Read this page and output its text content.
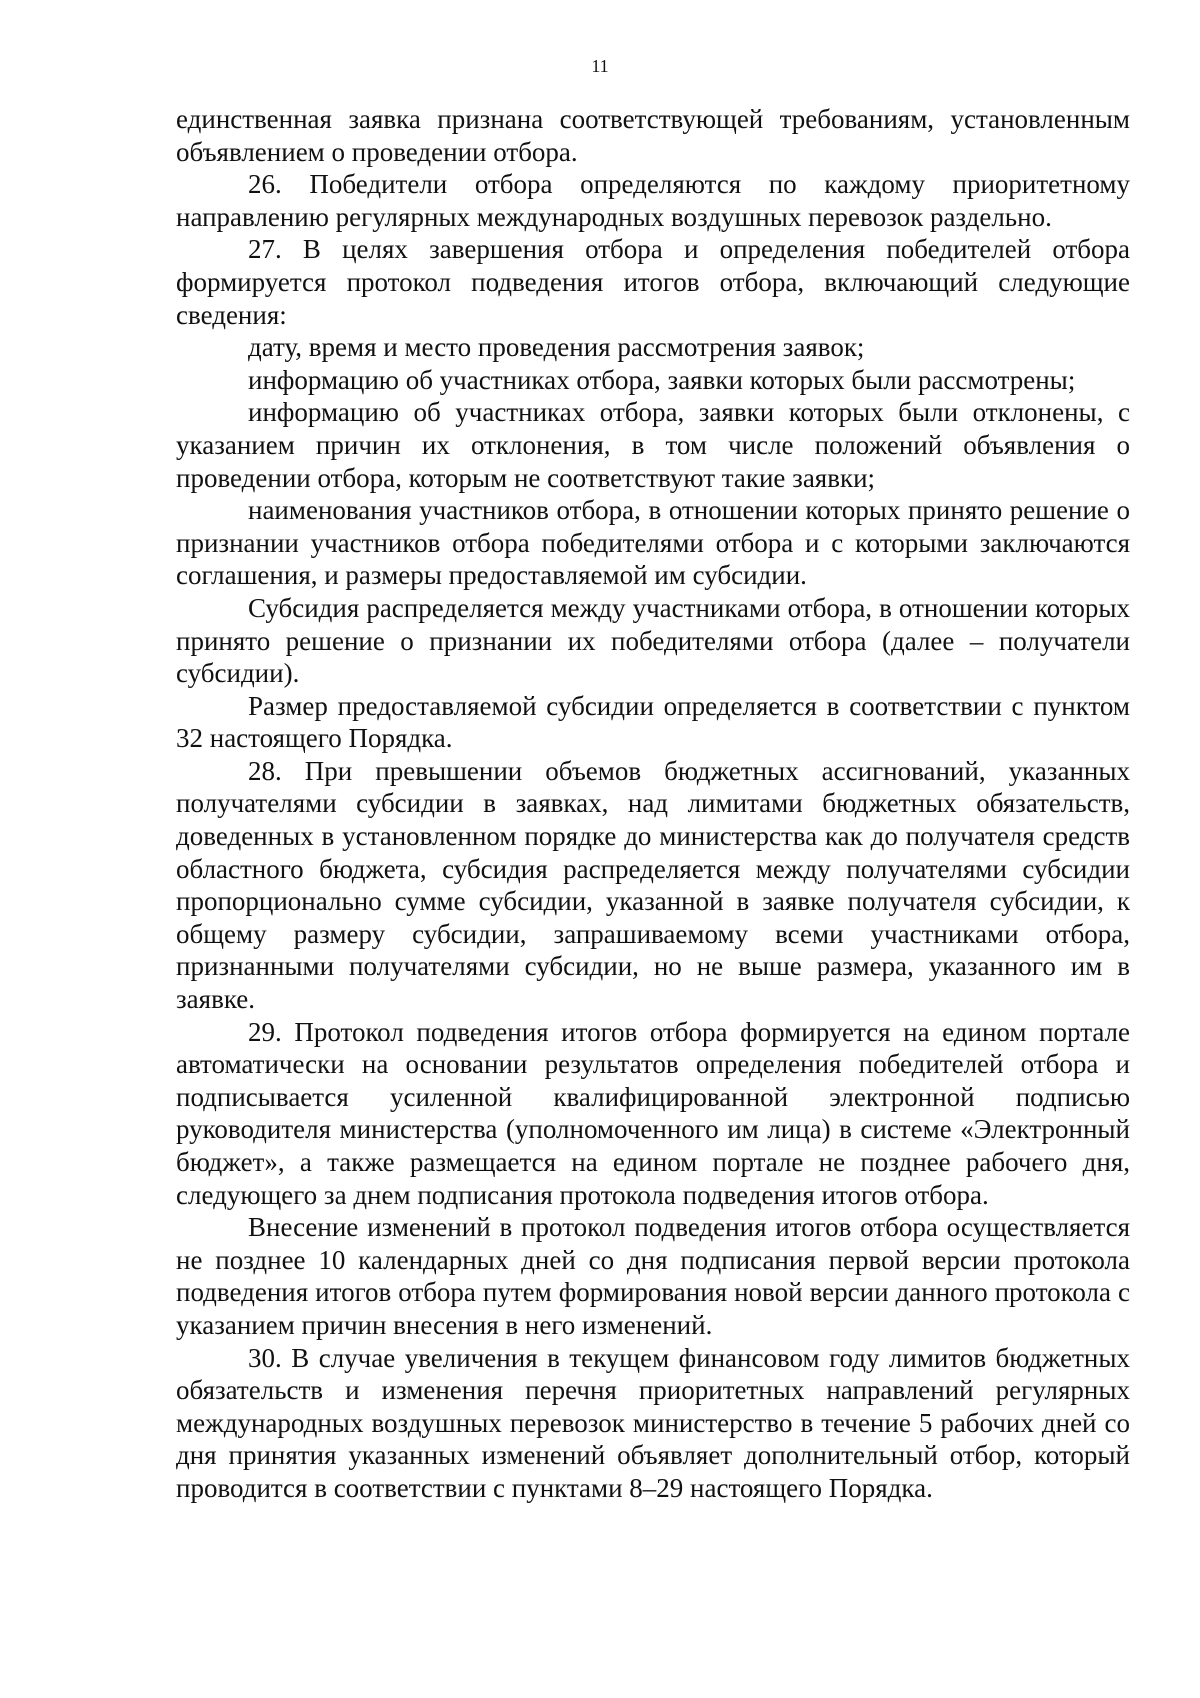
11

единственная заявка признана соответствующей требованиям, установленным объявлением о проведении отбора.

26. Победители отбора определяются по каждому приоритетному направлению регулярных международных воздушных перевозок раздельно.

27. В целях завершения отбора и определения победителей отбора формируется протокол подведения итогов отбора, включающий следующие сведения:

дату, время и место проведения рассмотрения заявок;

информацию об участниках отбора, заявки которых были рассмотрены;

информацию об участниках отбора, заявки которых были отклонены, с указанием причин их отклонения, в том числе положений объявления о проведении отбора, которым не соответствуют такие заявки;

наименования участников отбора, в отношении которых принято решение о признании участников отбора победителями отбора и с которыми заключаются соглашения, и размеры предоставляемой им субсидии.

Субсидия распределяется между участниками отбора, в отношении которых принято решение о признании их победителями отбора (далее – получатели субсидии).

Размер предоставляемой субсидии определяется в соответствии с пунктом 32 настоящего Порядка.

28. При превышении объемов бюджетных ассигнований, указанных получателями субсидии в заявках, над лимитами бюджетных обязательств, доведенных в установленном порядке до министерства как до получателя средств областного бюджета, субсидия распределяется между получателями субсидии пропорционально сумме субсидии, указанной в заявке получателя субсидии, к общему размеру субсидии, запрашиваемому всеми участниками отбора, признанными получателями субсидии, но не выше размера, указанного им в заявке.

29. Протокол подведения итогов отбора формируется на едином портале автоматически на основании результатов определения победителей отбора и подписывается усиленной квалифицированной электронной подписью руководителя министерства (уполномоченного им лица) в системе «Электронный бюджет», а также размещается на едином портале не позднее рабочего дня, следующего за днем подписания протокола подведения итогов отбора.

Внесение изменений в протокол подведения итогов отбора осуществляется не позднее 10 календарных дней со дня подписания первой версии протокола подведения итогов отбора путем формирования новой версии данного протокола с указанием причин внесения в него изменений.

30. В случае увеличения в текущем финансовом году лимитов бюджетных обязательств и изменения перечня приоритетных направлений регулярных международных воздушных перевозок министерство в течение 5 рабочих дней со дня принятия указанных изменений объявляет дополнительный отбор, который проводится в соответствии с пунктами 8–29 настоящего Порядка.
